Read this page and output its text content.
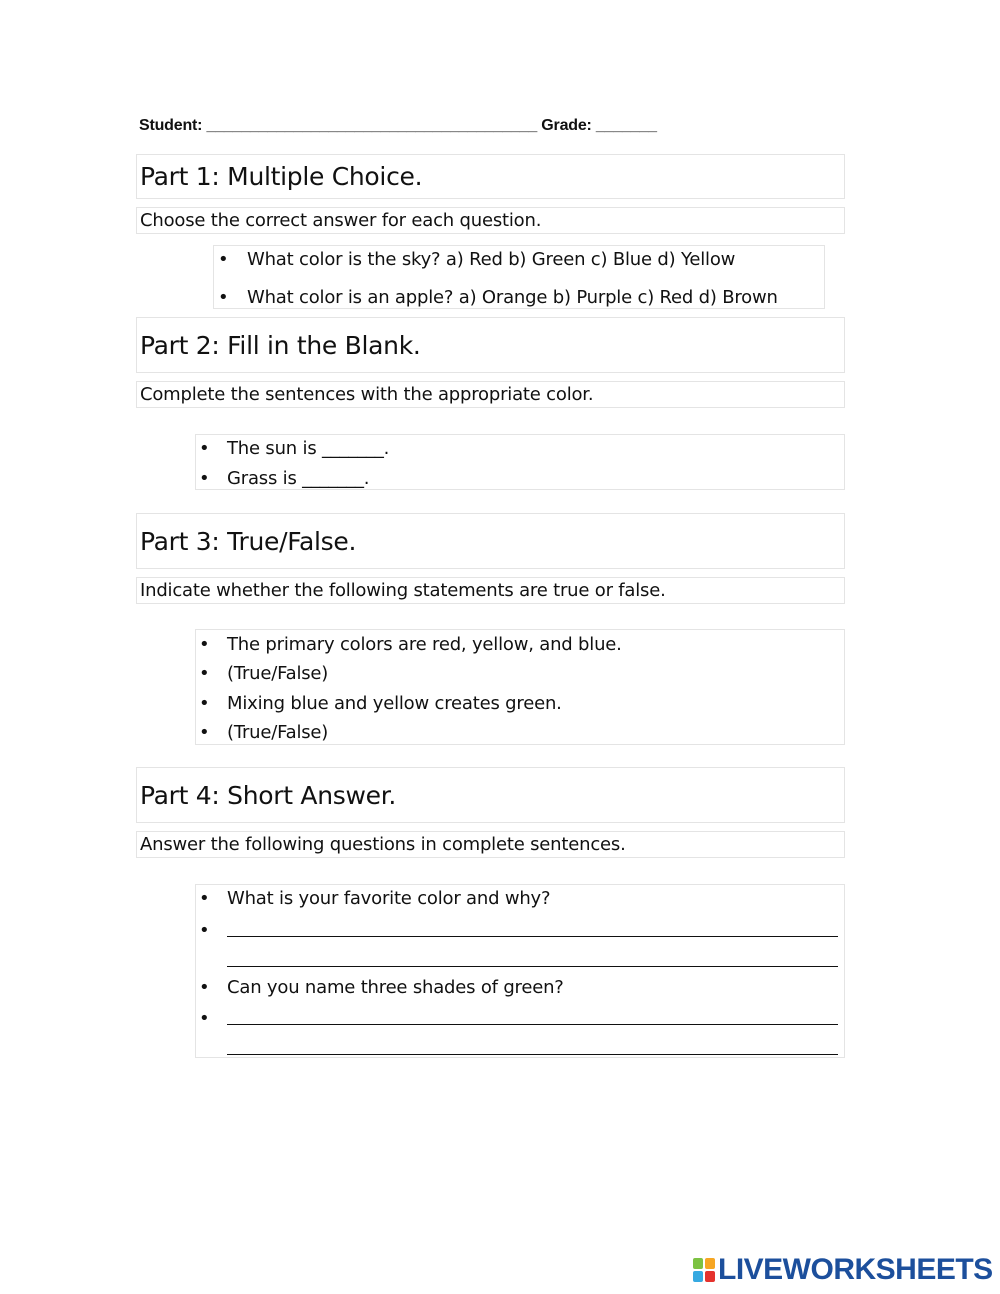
Student: ______________________________________ Grade: _______
Part 1: Multiple Choice.
Choose the correct answer for each question.
• What color is the sky? a) Red b) Green c) Blue d) Yellow
• What color is an apple? a) Orange b) Purple c) Red d) Brown
Part 2: Fill in the Blank.
Complete the sentences with the appropriate color.
• The sun is _______.
• Grass is _______.
Part 3: True/False.
Indicate whether the following statements are true or false.
• The primary colors are red, yellow, and blue.
• (True/False)
• Mixing blue and yellow creates green.
• (True/False)
Part 4: Short Answer.
Answer the following questions in complete sentences.
• What is your favorite color and why?
•
• Can you name three shades of green?
•
LIVEWORKSHEETS
